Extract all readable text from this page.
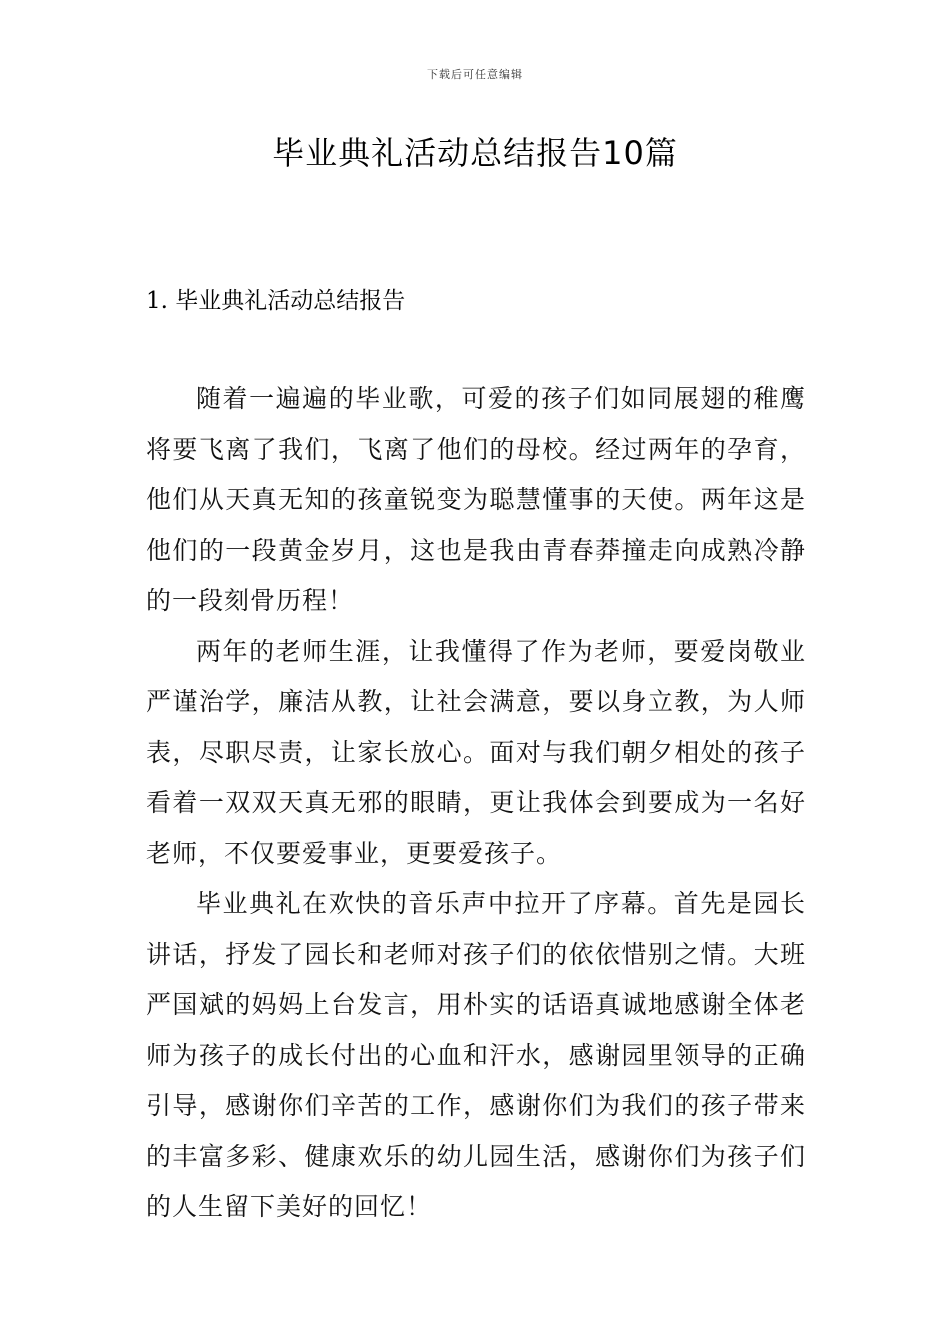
下载后可任意编辑
毕业典礼活动总结报告10篇
1. 毕业典礼活动总结报告

随着一遍遍的毕业歌，可爱的孩子们如同展翅的稚鹰将要飞离了我们，飞离了他们的母校。经过两年的孕育，他们从天真无知的孩童锐变为聪慧懂事的天使。两年这是他们的一段黄金岁月，这也是我由青春莽撞走向成熟冷静的一段刻骨历程！

两年的老师生涯，让我懂得了作为老师，要爱岗敬业严谨治学，廉洁从教，让社会满意，要以身立教，为人师表，尽职尽责，让家长放心。面对与我们朝夕相处的孩子看着一双双天真无邪的眼睛，更让我体会到要成为一名好老师，不仅要爱事业，更要爱孩子。

毕业典礼在欢快的音乐声中拉开了序幕。首先是园长讲话，抒发了园长和老师对孩子们的依依惜别之情。大班严国斌的妈妈上台发言，用朴实的话语真诚地感谢全体老师为孩子的成长付出的心血和汗水，感谢园里领导的正确引导，感谢你们辛苦的工作，感谢你们为我们的孩子带来的丰富多彩、健康欢乐的幼儿园生活，感谢你们为孩子们的人生留下美好的回忆！
